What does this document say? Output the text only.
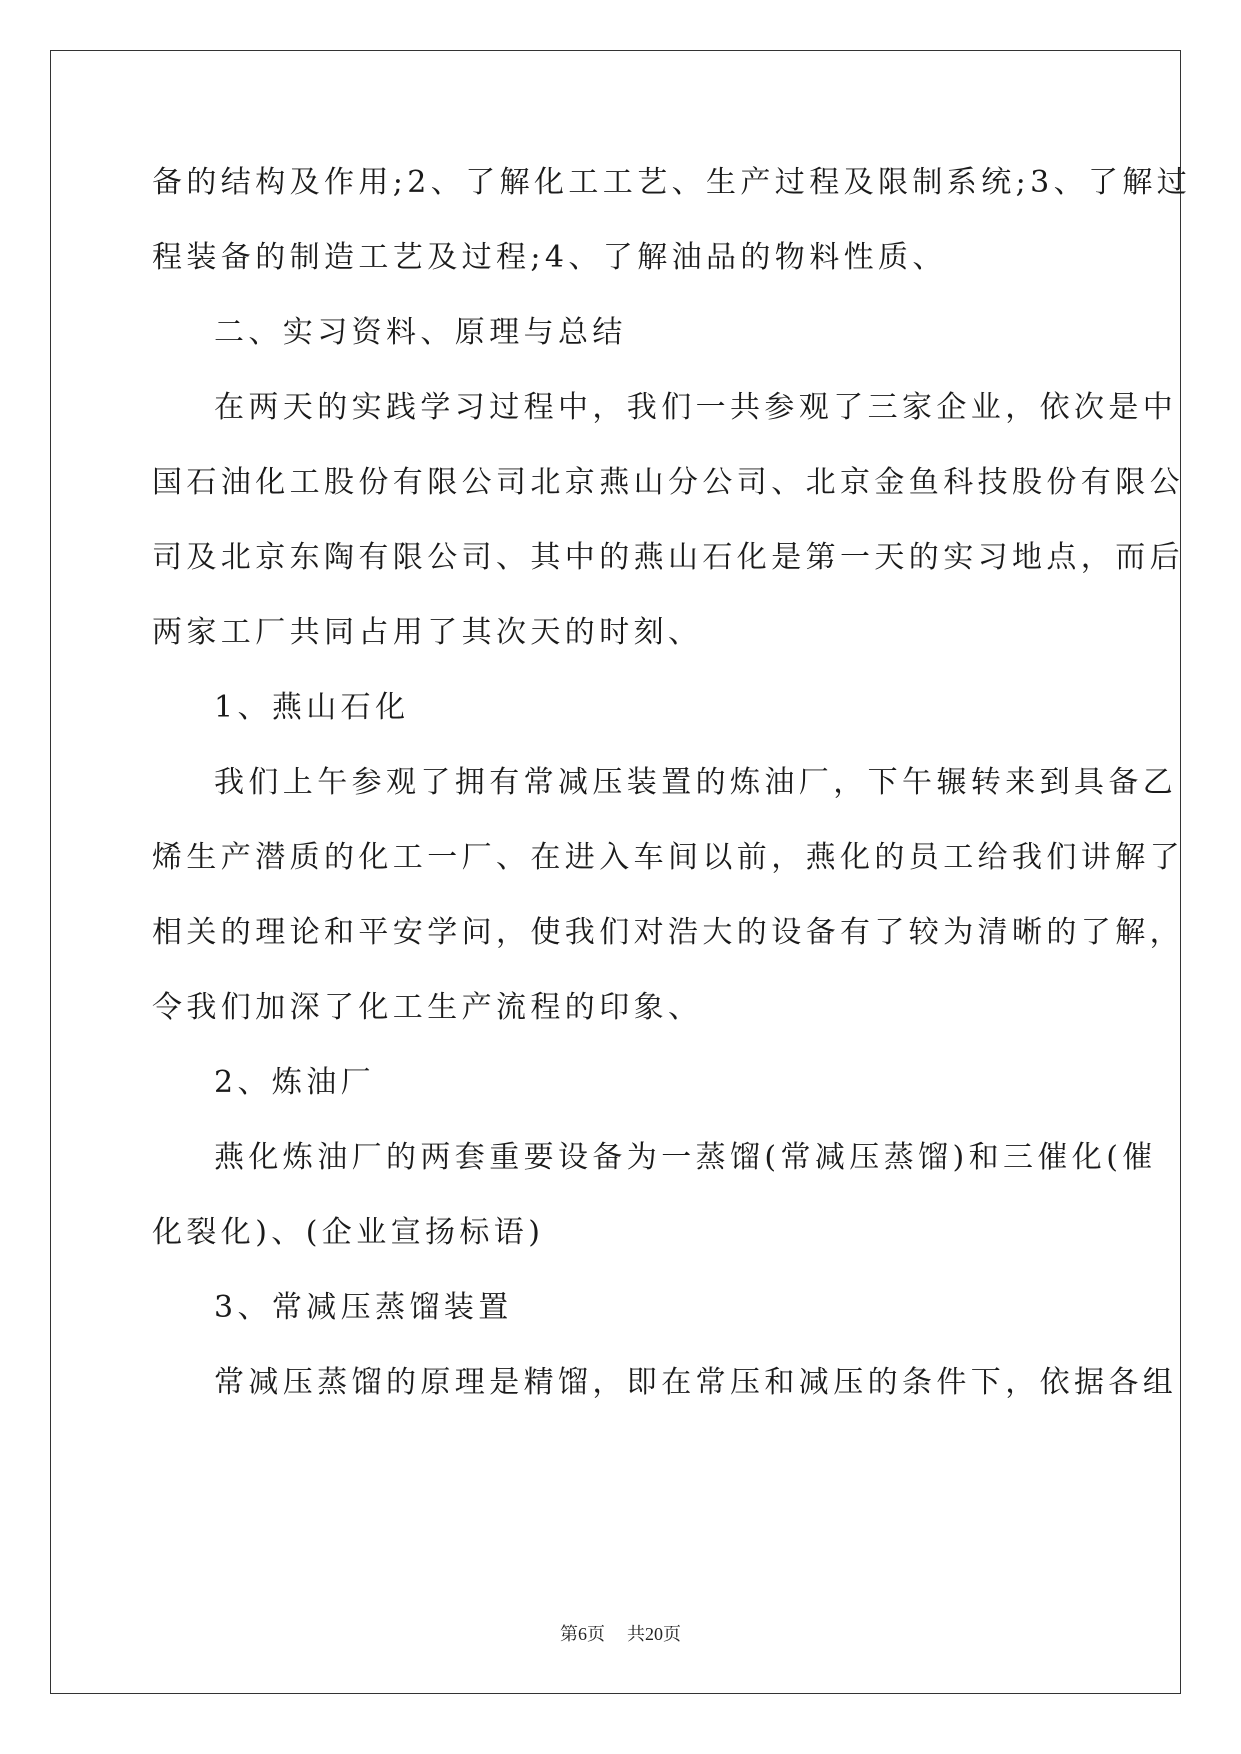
备的结构及作用;2、了解化工工艺、生产过程及限制系统;3、了解过
程装备的制造工艺及过程;4、了解油品的物料性质、
二、实习资料、原理与总结
在两天的实践学习过程中，我们一共参观了三家企业，依次是中
国石油化工股份有限公司北京燕山分公司、北京金鱼科技股份有限公
司及北京东陶有限公司、其中的燕山石化是第一天的实习地点，而后
两家工厂共同占用了其次天的时刻、
1、燕山石化
我们上午参观了拥有常减压装置的炼油厂，下午辗转来到具备乙
烯生产潜质的化工一厂、在进入车间以前，燕化的员工给我们讲解了
相关的理论和平安学问，使我们对浩大的设备有了较为清晰的了解，
令我们加深了化工生产流程的印象、
2、炼油厂
燕化炼油厂的两套重要设备为一蒸馏(常减压蒸馏)和三催化(催
化裂化)、(企业宣扬标语)
3、常减压蒸馏装置
常减压蒸馏的原理是精馏，即在常压和减压的条件下，依据各组
第6页 共20页
